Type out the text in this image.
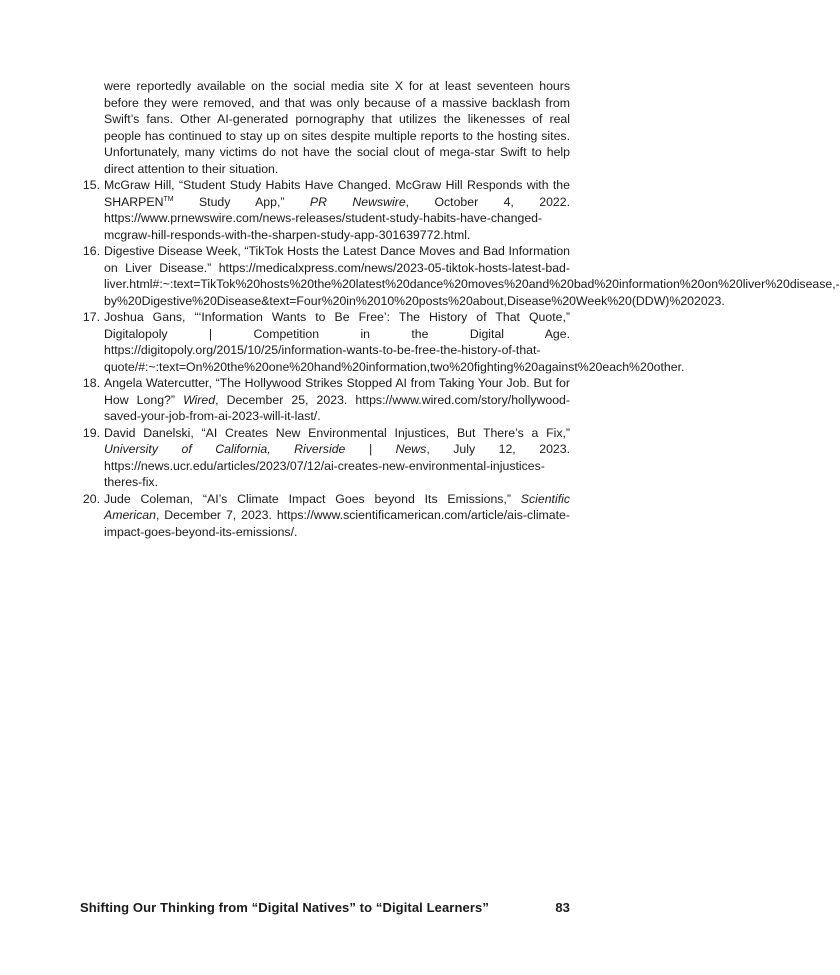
were reportedly available on the social media site X for at least seventeen hours before they were removed, and that was only because of a massive backlash from Swift’s fans. Other AI-generated pornography that utilizes the likenesses of real people has continued to stay up on sites despite multiple reports to the hosting sites. Unfortunately, many victims do not have the social clout of mega-star Swift to help direct attention to their situation.
15. McGraw Hill, “Student Study Habits Have Changed. McGraw Hill Responds with the SHARPEN™ Study App,” PR Newswire, October 4, 2022. https://www.prnewswire.com/news-releases/student-study-habits-have-changed-mcgraw-hill-responds-with-the-sharpen-study-app-301639772.html.
16. Digestive Disease Week, “TikTok Hosts the Latest Dance Moves and Bad Information on Liver Disease.” https://medicalxpress.com/news/2023-05-tiktok-hosts-latest-bad-liver.html#:~:text=TikTok%20hosts%20the%20latest%20dance%20moves%20and%20bad%20information%20on%20liver%20disease,-by%20Digestive%20Disease&text=Four%20in%2010%20posts%20about,Disease%20Week%20(DDW)%202023.
17. Joshua Gans, “‘Information Wants to Be Free’: The History of That Quote,” Digitalopoly | Competition in the Digital Age. https://digitopoly.org/2015/10/25/information-wants-to-be-free-the-history-of-that-quote/#:~:text=On%20the%20one%20hand%20information,two%20fighting%20against%20each%20other.
18. Angela Watercutter, “The Hollywood Strikes Stopped AI from Taking Your Job. But for How Long?” Wired, December 25, 2023. https://www.wired.com/story/hollywood-saved-your-job-from-ai-2023-will-it-last/.
19. David Danelski, “AI Creates New Environmental Injustices, But There’s a Fix,” University of California, Riverside | News, July 12, 2023. https://news.ucr.edu/articles/2023/07/12/ai-creates-new-environmental-injustices-theres-fix.
20. Jude Coleman, “AI’s Climate Impact Goes beyond Its Emissions,” Scientific American, December 7, 2023. https://www.scientificamerican.com/article/ais-climate-impact-goes-beyond-its-emissions/.
Shifting Our Thinking from “Digital Natives” to “Digital Learners”	83
